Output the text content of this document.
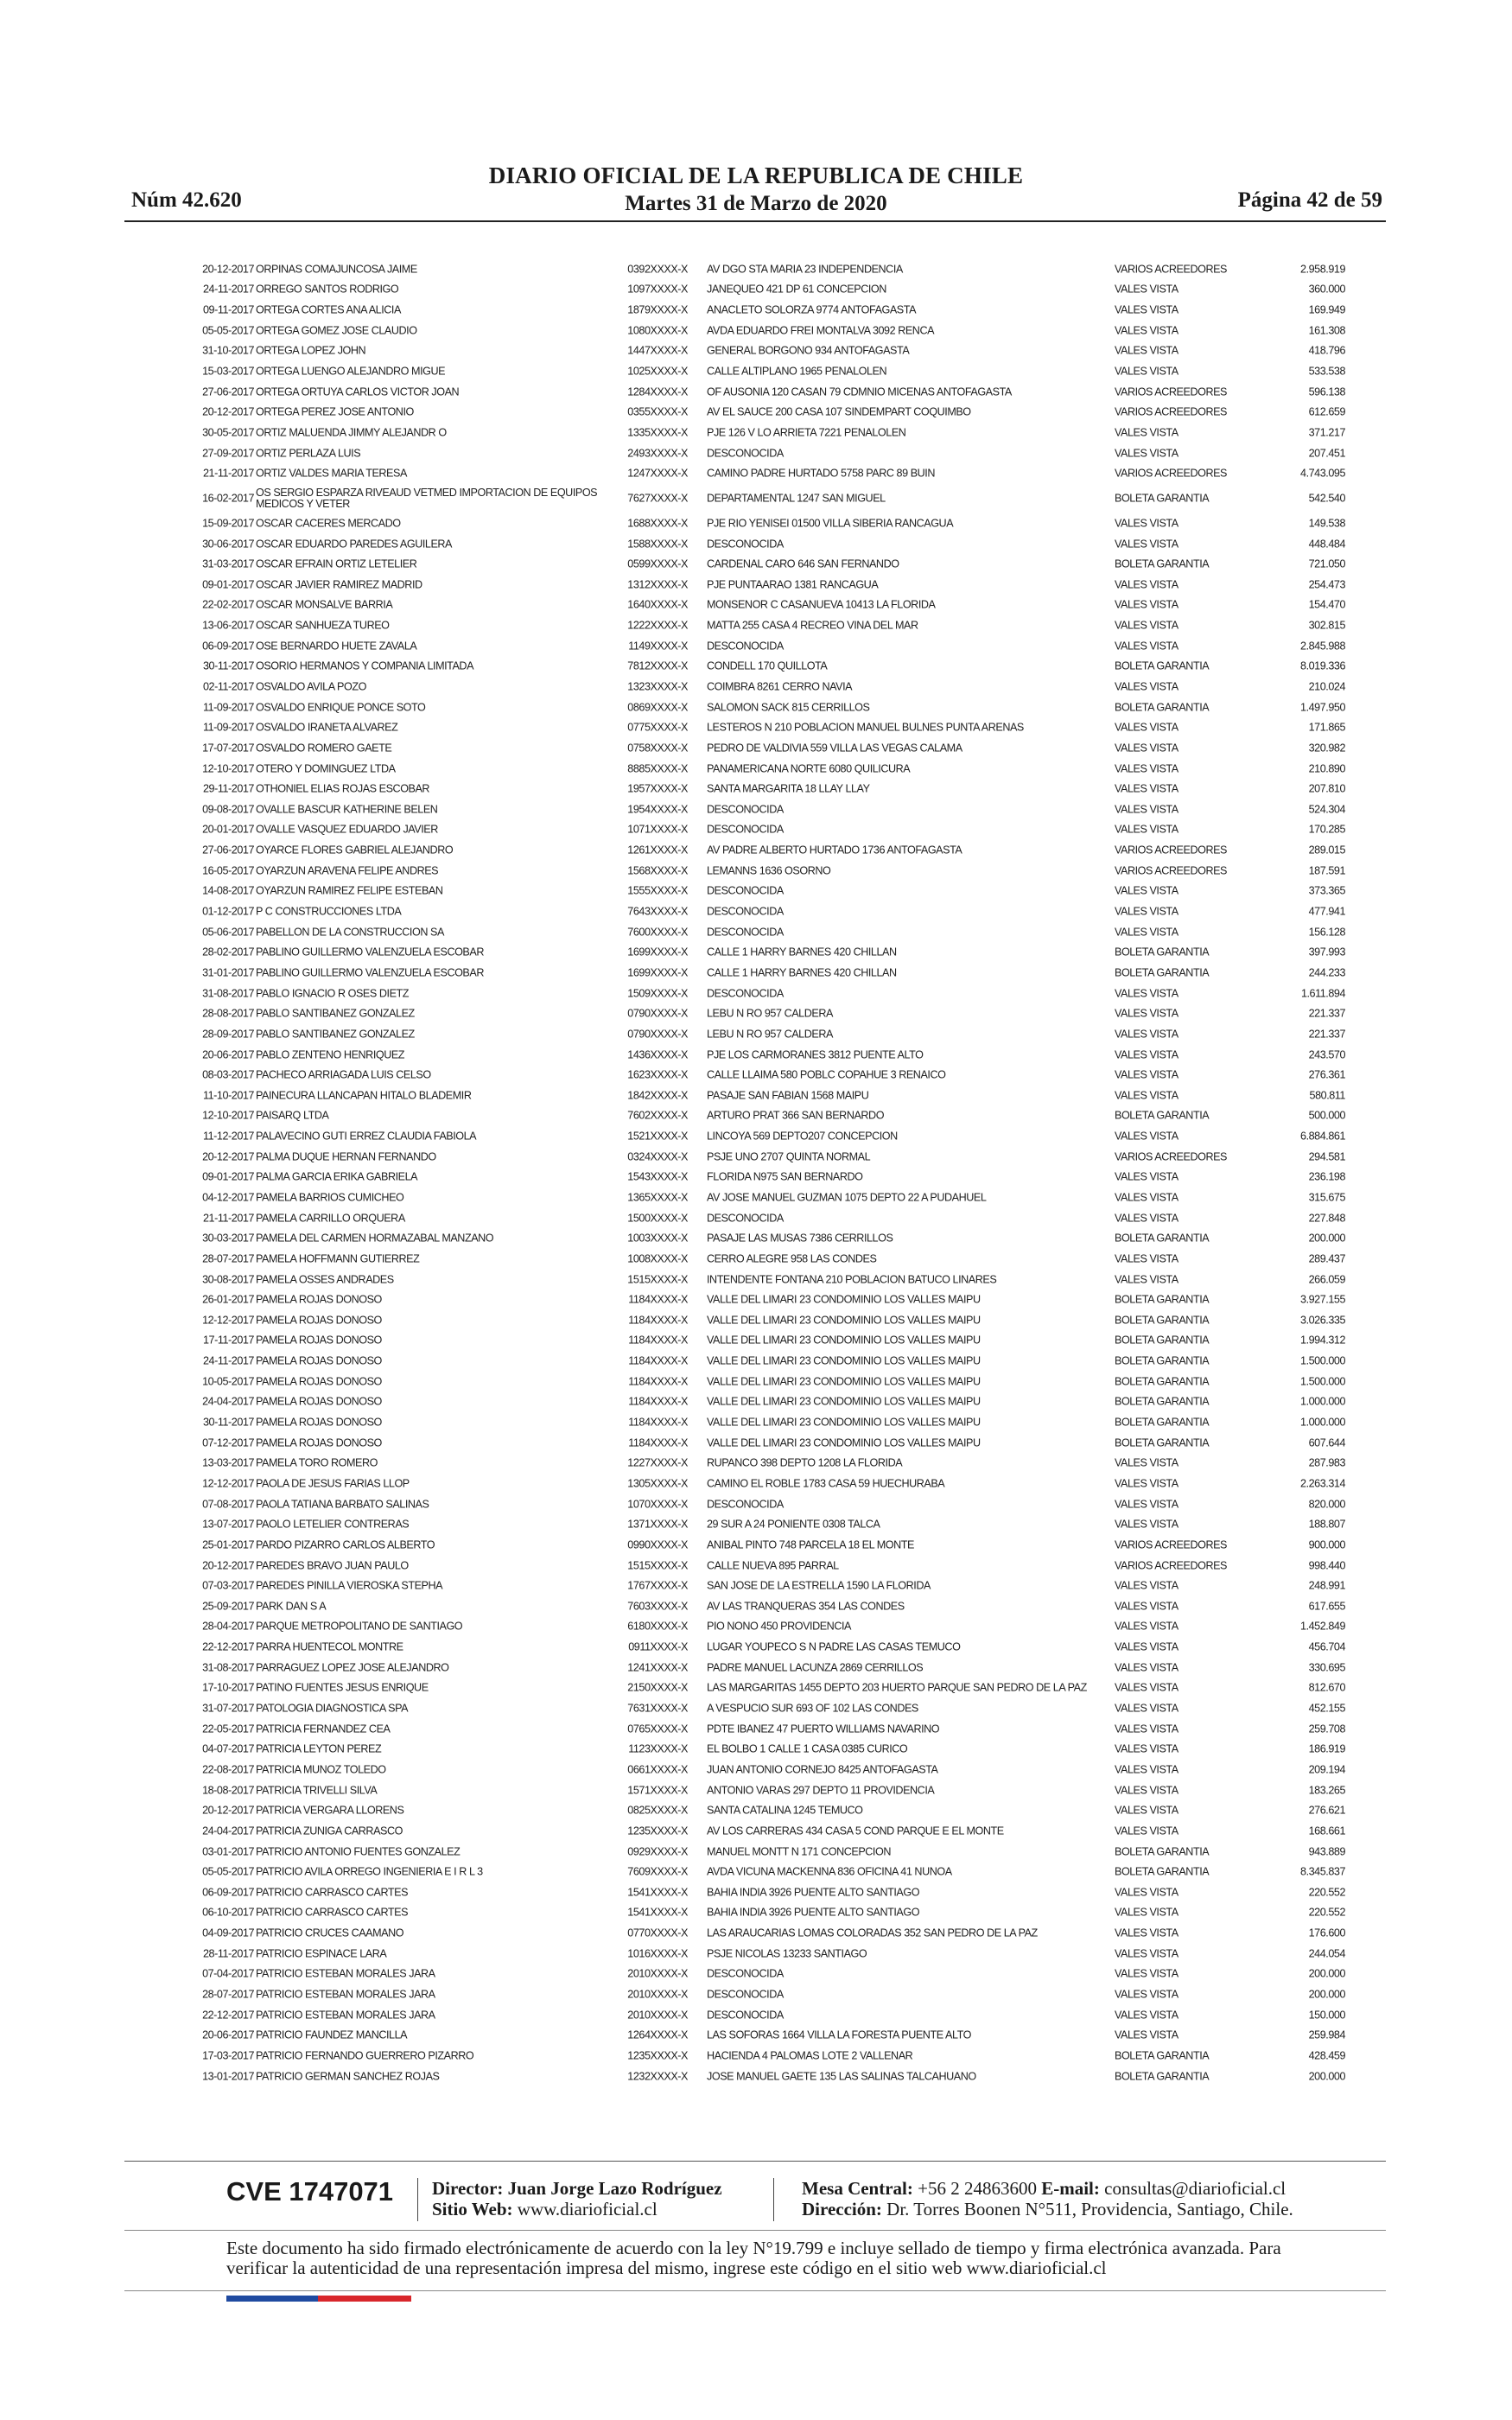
DIARIO OFICIAL DE LA REPUBLICA DE CHILE
Núm 42.620	Martes 31 de Marzo de 2020	Página 42 de 59
20-12-2017 ORPINAS COMAJUNCOSA JAIME	0392XXXX-X AV DGO STA MARIA 23 INDEPENDENCIA	VARIOS ACREEDORES	2.958.919
24-11-2017 ORREGO SANTOS RODRIGO	1097XXXX-X JANEQUEO 421 DP 61 CONCEPCION	VALES VISTA	360.000
09-11-2017 ORTEGA CORTES ANA ALICIA	1879XXXX-X ANACLETO SOLORZA 9774 ANTOFAGASTA	VALES VISTA	169.949
05-05-2017 ORTEGA GOMEZ JOSE CLAUDIO	1080XXXX-X AVDA EDUARDO FREI MONTALVA 3092 RENCA	VALES VISTA	161.308
31-10-2017 ORTEGA LOPEZ JOHN	1447XXXX-X GENERAL BORGONO 934 ANTOFAGASTA	VALES VISTA	418.796
15-03-2017 ORTEGA LUENGO ALEJANDRO MIGUE	1025XXXX-X CALLE ALTIPLANO 1965 PENALOLEN	VALES VISTA	533.538
27-06-2017 ORTEGA ORTUYA CARLOS VICTOR JOAN	1284XXXX-X OF AUSONIA 120 CASAN 79 CDMNIO MICENAS ANTOFAGASTA	VARIOS ACREEDORES	596.138
20-12-2017 ORTEGA PEREZ JOSE ANTONIO	0355XXXX-X AV EL SAUCE 200 CASA 107 SINDEMPART COQUIMBO	VARIOS ACREEDORES	612.659
30-05-2017 ORTIZ MALUENDA JIMMY ALEJANDR O	1335XXXX-X PJE 126 V LO ARRIETA 7221 PENALOLEN	VALES VISTA	371.217
27-09-2017 ORTIZ PERLAZA LUIS	2493XXXX-X DESCONOCIDA	VALES VISTA	207.451
21-11-2017 ORTIZ VALDES MARIA TERESA	1247XXXX-X CAMINO PADRE HURTADO 5758 PARC 89 BUIN	VARIOS ACREEDORES	4.743.095
16-02-2017 OS SERGIO ESPARZA RIVEAUD VETMED IMPORTACION DE EQUIPOS MEDICOS Y VETER	7627XXXX-X DEPARTAMENTAL 1247 SAN MIGUEL	BOLETA GARANTIA	542.540
15-09-2017 OSCAR CACERES MERCADO	1688XXXX-X PJE RIO YENISEI 01500 VILLA SIBERIA RANCAGUA	VALES VISTA	149.538
30-06-2017 OSCAR EDUARDO PAREDES AGUILERA	1588XXXX-X DESCONOCIDA	VALES VISTA	448.484
31-03-2017 OSCAR EFRAIN ORTIZ LETELIER	0599XXXX-X CARDENAL CARO 646 SAN FERNANDO	BOLETA GARANTIA	721.050
09-01-2017 OSCAR JAVIER RAMIREZ MADRID	1312XXXX-X PJE PUNTAARAO 1381 RANCAGUA	VALES VISTA	254.473
22-02-2017 OSCAR MONSALVE BARRIA	1640XXXX-X MONSENOR C CASANUEVA 10413 LA FLORIDA	VALES VISTA	154.470
13-06-2017 OSCAR SANHUEZA TUREO	1222XXXX-X MATTA 255 CASA 4 RECREO VINA DEL MAR	VALES VISTA	302.815
06-09-2017 OSE BERNARDO HUETE ZAVALA	1149XXXX-X DESCONOCIDA	VALES VISTA	2.845.988
30-11-2017 OSORIO HERMANOS Y COMPANIA LIMITADA	7812XXXX-X CONDELL 170 QUILLOTA	BOLETA GARANTIA	8.019.336
02-11-2017 OSVALDO AVILA POZO	1323XXXX-X COIMBRA 8261 CERRO NAVIA	VALES VISTA	210.024
11-09-2017 OSVALDO ENRIQUE PONCE SOTO	0869XXXX-X SALOMON SACK 815 CERRILLOS	BOLETA GARANTIA	1.497.950
11-09-2017 OSVALDO IRANETA ALVAREZ	0775XXXX-X LESTEROS N 210 POBLACION MANUEL BULNES PUNTA ARENAS	VALES VISTA	171.865
17-07-2017 OSVALDO ROMERO GAETE	0758XXXX-X PEDRO DE VALDIVIA 559 VILLA LAS VEGAS CALAMA	VALES VISTA	320.982
12-10-2017 OTERO Y DOMINGUEZ LTDA	8885XXXX-X PANAMERICANA NORTE 6080 QUILICURA	VALES VISTA	210.890
29-11-2017 OTHONIEL ELIAS ROJAS ESCOBAR	1957XXXX-X SANTA MARGARITA 18 LLAY LLAY	VALES VISTA	207.810
09-08-2017 OVALLE BASCUR KATHERINE BELEN	1954XXXX-X DESCONOCIDA	VALES VISTA	524.304
20-01-2017 OVALLE VASQUEZ EDUARDO JAVIER	1071XXXX-X DESCONOCIDA	VALES VISTA	170.285
27-06-2017 OYARCE FLORES GABRIEL ALEJANDRO	1261XXXX-X AV PADRE ALBERTO HURTADO 1736 ANTOFAGASTA	VARIOS ACREEDORES	289.015
16-05-2017 OYARZUN ARAVENA FELIPE ANDRES	1568XXXX-X LEMANNS 1636 OSORNO	VARIOS ACREEDORES	187.591
14-08-2017 OYARZUN RAMIREZ FELIPE ESTEBAN	1555XXXX-X DESCONOCIDA	VALES VISTA	373.365
01-12-2017 P C CONSTRUCCIONES LTDA	7643XXXX-X DESCONOCIDA	VALES VISTA	477.941
05-06-2017 PABELLON DE LA CONSTRUCCION SA	7600XXXX-X DESCONOCIDA	VALES VISTA	156.128
28-02-2017 PABLINO GUILLERMO VALENZUELA ESCOBAR	1699XXXX-X CALLE 1 HARRY BARNES 420 CHILLAN	BOLETA GARANTIA	397.993
31-01-2017 PABLINO GUILLERMO VALENZUELA ESCOBAR	1699XXXX-X CALLE 1 HARRY BARNES 420 CHILLAN	BOLETA GARANTIA	244.233
31-08-2017 PABLO IGNACIO R OSES DIETZ	1509XXXX-X DESCONOCIDA	VALES VISTA	1.611.894
28-08-2017 PABLO SANTIBANEZ GONZALEZ	0790XXXX-X LEBU N RO 957 CALDERA	VALES VISTA	221.337
28-09-2017 PABLO SANTIBANEZ GONZALEZ	0790XXXX-X LEBU N RO 957 CALDERA	VALES VISTA	221.337
20-06-2017 PABLO ZENTENO HENRIQUEZ	1436XXXX-X PJE LOS CARMORANES 3812 PUENTE ALTO	VALES VISTA	243.570
08-03-2017 PACHECO ARRIAGADA LUIS CELSO	1623XXXX-X CALLE LLAIMA 580 POBLC COPAHUE 3 RENAICO	VALES VISTA	276.361
11-10-2017 PAINECURA LLANCAPAN HITALO BLADEMIR	1842XXXX-X PASAJE SAN FABIAN 1568 MAIPU	VALES VISTA	580.811
12-10-2017 PAISARQ LTDA	7602XXXX-X ARTURO PRAT 366 SAN BERNARDO	BOLETA GARANTIA	500.000
11-12-2017 PALAVECINO GUTI ERREZ CLAUDIA FABIOLA	1521XXXX-X LINCOYA 569 DEPTO207 CONCEPCION	VALES VISTA	6.884.861
20-12-2017 PALMA DUQUE HERNAN FERNANDO	0324XXXX-X PSJE UNO 2707 QUINTA NORMAL	VARIOS ACREEDORES	294.581
09-01-2017 PALMA GARCIA ERIKA GABRIELA	1543XXXX-X FLORIDA N975 SAN BERNARDO	VALES VISTA	236.198
04-12-2017 PAMELA BARRIOS CUMICHEO	1365XXXX-X AV JOSE MANUEL GUZMAN 1075 DEPTO 22 A PUDAHUEL	VALES VISTA	315.675
21-11-2017 PAMELA CARRILLO ORQUERA	1500XXXX-X DESCONOCIDA	VALES VISTA	227.848
30-03-2017 PAMELA DEL CARMEN HORMAZABAL MANZANO	1003XXXX-X PASAJE LAS MUSAS 7386 CERRILLOS	BOLETA GARANTIA	200.000
28-07-2017 PAMELA HOFFMANN GUTIERREZ	1008XXXX-X CERRO ALEGRE 958 LAS CONDES	VALES VISTA	289.437
30-08-2017 PAMELA OSSES ANDRADES	1515XXXX-X INTENDENTE FONTANA 210 POBLACION BATUCO LINARES	VALES VISTA	266.059
26-01-2017 PAMELA ROJAS DONOSO	1184XXXX-X VALLE DEL LIMARI 23 CONDOMINIO LOS VALLES MAIPU	BOLETA GARANTIA	3.927.155
12-12-2017 PAMELA ROJAS DONOSO	1184XXXX-X VALLE DEL LIMARI 23 CONDOMINIO LOS VALLES MAIPU	BOLETA GARANTIA	3.026.335
17-11-2017 PAMELA ROJAS DONOSO	1184XXXX-X VALLE DEL LIMARI 23 CONDOMINIO LOS VALLES MAIPU	BOLETA GARANTIA	1.994.312
24-11-2017 PAMELA ROJAS DONOSO	1184XXXX-X VALLE DEL LIMARI 23 CONDOMINIO LOS VALLES MAIPU	BOLETA GARANTIA	1.500.000
10-05-2017 PAMELA ROJAS DONOSO	1184XXXX-X VALLE DEL LIMARI 23 CONDOMINIO LOS VALLES MAIPU	BOLETA GARANTIA	1.500.000
24-04-2017 PAMELA ROJAS DONOSO	1184XXXX-X VALLE DEL LIMARI 23 CONDOMINIO LOS VALLES MAIPU	BOLETA GARANTIA	1.000.000
30-11-2017 PAMELA ROJAS DONOSO	1184XXXX-X VALLE DEL LIMARI 23 CONDOMINIO LOS VALLES MAIPU	BOLETA GARANTIA	1.000.000
07-12-2017 PAMELA ROJAS DONOSO	1184XXXX-X VALLE DEL LIMARI 23 CONDOMINIO LOS VALLES MAIPU	BOLETA GARANTIA	607.644
13-03-2017 PAMELA TORO ROMERO	1227XXXX-X RUPANCO 398 DEPTO 1208 LA FLORIDA	VALES VISTA	287.983
12-12-2017 PAOLA DE JESUS FARIAS LLOP	1305XXXX-X CAMINO EL ROBLE 1783 CASA 59 HUECHURABA	VALES VISTA	2.263.314
07-08-2017 PAOLA TATIANA BARBATO SALINAS	1070XXXX-X DESCONOCIDA	VALES VISTA	820.000
13-07-2017 PAOLO LETELIER CONTRERAS	1371XXXX-X 29 SUR A 24 PONIENTE 0308 TALCA	VALES VISTA	188.807
25-01-2017 PARDO PIZARRO CARLOS ALBERTO	0990XXXX-X ANIBAL PINTO 748 PARCELA 18 EL MONTE	VARIOS ACREEDORES	900.000
20-12-2017 PAREDES BRAVO JUAN PAULO	1515XXXX-X CALLE NUEVA 895 PARRAL	VARIOS ACREEDORES	998.440
07-03-2017 PAREDES PINILLA VIEROSKA STEPHA	1767XXXX-X SAN JOSE DE LA ESTRELLA 1590 LA FLORIDA	VALES VISTA	248.991
25-09-2017 PARK DAN S A	7603XXXX-X AV LAS TRANQUERAS 354 LAS CONDES	VALES VISTA	617.655
28-04-2017 PARQUE METROPOLITANO DE SANTIAGO	6180XXXX-X PIO NONO 450 PROVIDENCIA	VALES VISTA	1.452.849
22-12-2017 PARRA HUENTECOL MONTRE	0911XXXX-X LUGAR YOUPECO S N PADRE LAS CASAS TEMUCO	VALES VISTA	456.704
31-08-2017 PARRAGUEZ LOPEZ JOSE ALEJANDRO	1241XXXX-X PADRE MANUEL LACUNZA 2869 CERRILLOS	VALES VISTA	330.695
17-10-2017 PATINO FUENTES JESUS ENRIQUE	2150XXXX-X LAS MARGARITAS 1455 DEPTO 203 HUERTO PARQUE SAN PEDRO DE LA PAZ	VALES VISTA	812.670
31-07-2017 PATOLOGIA DIAGNOSTICA SPA	7631XXXX-X A VESPUCIO SUR 693 OF 102 LAS CONDES	VALES VISTA	452.155
22-05-2017 PATRICIA FERNANDEZ CEA	0765XXXX-X PDTE IBANEZ 47 PUERTO WILLIAMS NAVARINO	VALES VISTA	259.708
04-07-2017 PATRICIA LEYTON PEREZ	1123XXXX-X EL BOLBO 1 CALLE 1 CASA 0385 CURICO	VALES VISTA	186.919
22-08-2017 PATRICIA MUNOZ TOLEDO	0661XXXX-X JUAN ANTONIO CORNEJO 8425 ANTOFAGASTA	VALES VISTA	209.194
18-08-2017 PATRICIA TRIVELLI SILVA	1571XXXX-X ANTONIO VARAS 297 DEPTO 11 PROVIDENCIA	VALES VISTA	183.265
20-12-2017 PATRICIA VERGARA LLORENS	0825XXXX-X SANTA CATALINA 1245 TEMUCO	VALES VISTA	276.621
24-04-2017 PATRICIA ZUNIGA CARRASCO	1235XXXX-X AV LOS CARRERAS 434 CASA 5 COND PARQUE E EL MONTE	VALES VISTA	168.661
03-01-2017 PATRICIO ANTONIO FUENTES GONZALEZ	0929XXXX-X MANUEL MONTT N 171 CONCEPCION	BOLETA GARANTIA	943.889
05-05-2017 PATRICIO AVILA ORREGO INGENIERIA E I R L 3	7609XXXX-X AVDA VICUNA MACKENNA 836 OFICINA 41 NUNOA	BOLETA GARANTIA	8.345.837
06-09-2017 PATRICIO CARRASCO CARTES	1541XXXX-X BAHIA INDIA 3926 PUENTE ALTO SANTIAGO	VALES VISTA	220.552
06-10-2017 PATRICIO CARRASCO CARTES	1541XXXX-X BAHIA INDIA 3926 PUENTE ALTO SANTIAGO	VALES VISTA	220.552
04-09-2017 PATRICIO CRUCES CAAMANO	0770XXXX-X LAS ARAUCARIAS LOMAS COLORADAS 352 SAN PEDRO DE LA PAZ	VALES VISTA	176.600
28-11-2017 PATRICIO ESPINACE LARA	1016XXXX-X PSJE NICOLAS 13233 SANTIAGO	VALES VISTA	244.054
07-04-2017 PATRICIO ESTEBAN MORALES JARA	2010XXXX-X DESCONOCIDA	VALES VISTA	200.000
28-07-2017 PATRICIO ESTEBAN MORALES JARA	2010XXXX-X DESCONOCIDA	VALES VISTA	200.000
22-12-2017 PATRICIO ESTEBAN MORALES JARA	2010XXXX-X DESCONOCIDA	VALES VISTA	150.000
20-06-2017 PATRICIO FAUNDEZ MANCILLA	1264XXXX-X LAS SOFORAS 1664 VILLA LA FORESTA PUENTE ALTO	VALES VISTA	259.984
17-03-2017 PATRICIO FERNANDO GUERRERO PIZARRO	1235XXXX-X HACIENDA 4 PALOMAS LOTE 2 VALLENAR	BOLETA GARANTIA	428.459
13-01-2017 PATRICIO GERMAN SANCHEZ ROJAS	1232XXXX-X JOSE MANUEL GAETE 135 LAS SALINAS TALCAHUANO	BOLETA GARANTIA	200.000
CVE 1747071 Director: Juan Jorge Lazo Rodríguez
Sitio Web: www.diarioficial.cl
Mesa Central: +56 2 24863600 E-mail: consultas@diarioficial.cl
Dirección: Dr. Torres Boonen N°511, Providencia, Santiago, Chile.
Este documento ha sido firmado electrónicamente de acuerdo con la ley N°19.799 e incluye sellado de tiempo y firma electrónica avanzada. Para verificar la autenticidad de una representación impresa del mismo, ingrese este código en el sitio web www.diarioficial.cl
